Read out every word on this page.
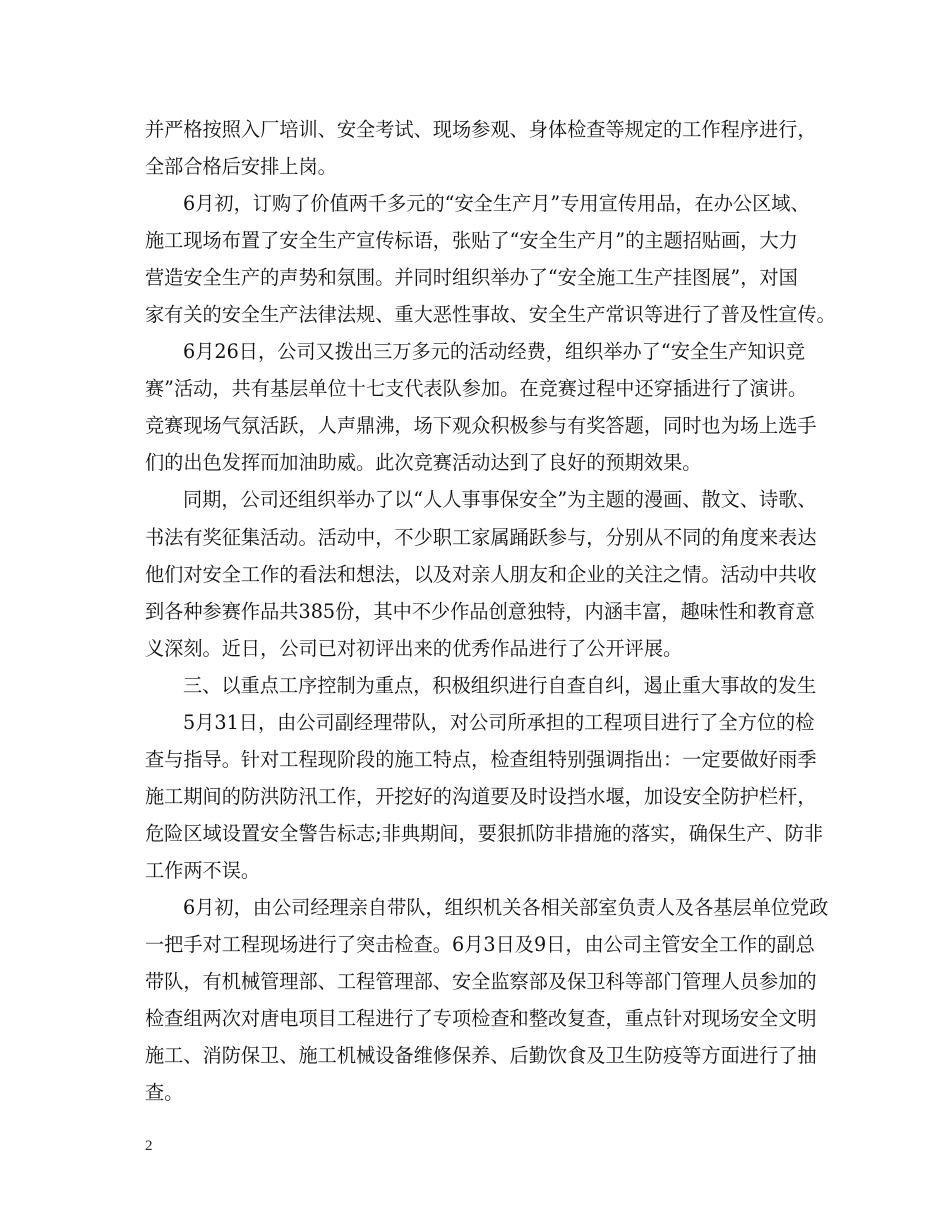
并严格按照入厂培训、安全考试、现场参观、身体检查等规定的工作程序进行，
全部合格后安排上岗。
6月初，订购了价值两千多元的“安全生产月”专用宣传用品，在办公区域、
施工现场布置了安全生产宣传标语，张贴了“安全生产月”的主题招贴画，大力
营造安全生产的声势和氛围。并同时组织举办了“安全施工生产挂图展”，对国
家有关的安全生产法律法规、重大恶性事故、安全生产常识等进行了普及性宣传。
6月26日，公司又拨出三万多元的活动经费，组织举办了“安全生产知识竞
赛”活动，共有基层单位十七支代表队参加。在竞赛过程中还穿插进行了演讲。
竞赛现场气氛活跃，人声鼎沸，场下观众积极参与有奖答题，同时也为场上选手
们的出色发挥而加油助威。此次竞赛活动达到了良好的预期效果。
同期，公司还组织举办了以“人人事事保安全”为主题的漫画、散文、诗歌、
书法有奖征集活动。活动中，不少职工家属踊跃参与，分别从不同的角度来表达
他们对安全工作的看法和想法，以及对亲人朋友和企业的关注之情。活动中共收
到各种参赛作品共385份，其中不少作品创意独特，内涵丰富，趣味性和教育意
义深刻。近日，公司已对初评出来的优秀作品进行了公开评展。
三、以重点工序控制为重点，积极组织进行自查自纠，遏止重大事故的发生
5月31日，由公司副经理带队，对公司所承担的工程项目进行了全方位的检
查与指导。针对工程现阶段的施工特点，检查组特别强调指出：一定要做好雨季
施工期间的防洪防汛工作，开挖好的沟道要及时设挡水堰，加设安全防护栏杆，
危险区域设置安全警告标志;非典期间，要狠抓防非措施的落实，确保生产、防非
工作两不误。
6月初，由公司经理亲自带队，组织机关各相关部室负责人及各基层单位党政
一把手对工程现场进行了突击检查。6月3日及9日，由公司主管安全工作的副总
带队，有机械管理部、工程管理部、安全监察部及保卫科等部门管理人员参加的
检查组两次对唐电项目工程进行了专项检查和整改复查，重点针对现场安全文明
施工、消防保卫、施工机械设备维修保养、后勤饮食及卫生防疫等方面进行了抽
查。
2
